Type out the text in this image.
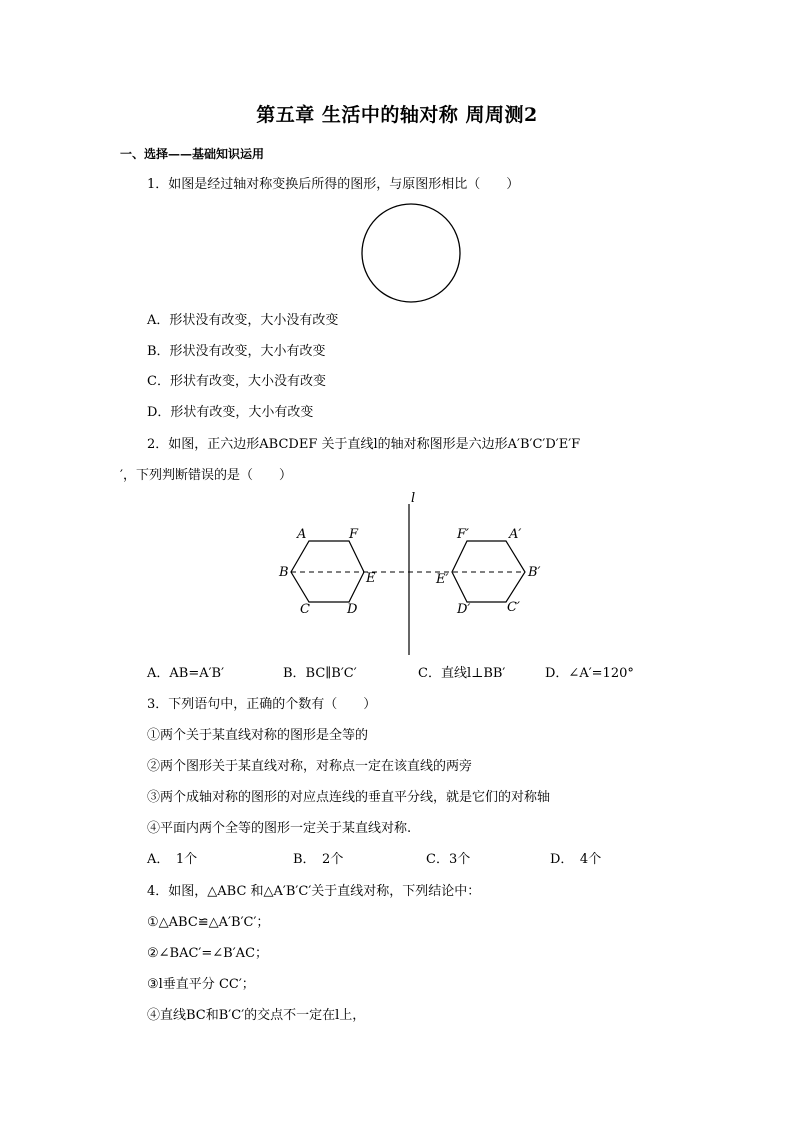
第五章 生活中的轴对称 周周测2
一、选择——基础知识运用
1．如图是经过轴对称变换后所得的图形，与原图形相比（　　）
A．形状没有改变，大小没有改变
B．形状没有改变，大小有改变
C．形状有改变，大小没有改变
D．形状有改变，大小有改变
2．如图，正六边形ABCDEF 关于直线l的轴对称图形是六边形A′B′C′D′E′F
′，下列判断错误的是（　　）
l
A	F
B	E
C	D
F′	A′
E′	B′
D′	C′
A．AB=A′B′	B．BC∥B′C′	C．直线l⊥BB′	D．∠A′=120°
3．下列语句中，正确的个数有（　　）
①两个关于某直线对称的图形是全等的
②两个图形关于某直线对称，对称点一定在该直线的两旁
③两个成轴对称的图形的对应点连线的垂直平分线，就是它们的对称轴
④平面内两个全等的图形一定关于某直线对称.
A．　1个	B．　2个	C．3个	D．　4个
4．如图，△ABC 和△A′B′C′关于直线对称，下列结论中：
①△ABC≌△A′B′C′；
②∠BAC′=∠B′AC；
③l垂直平分 CC′；
④直线BC和B′C′的交点不一定在l上，
